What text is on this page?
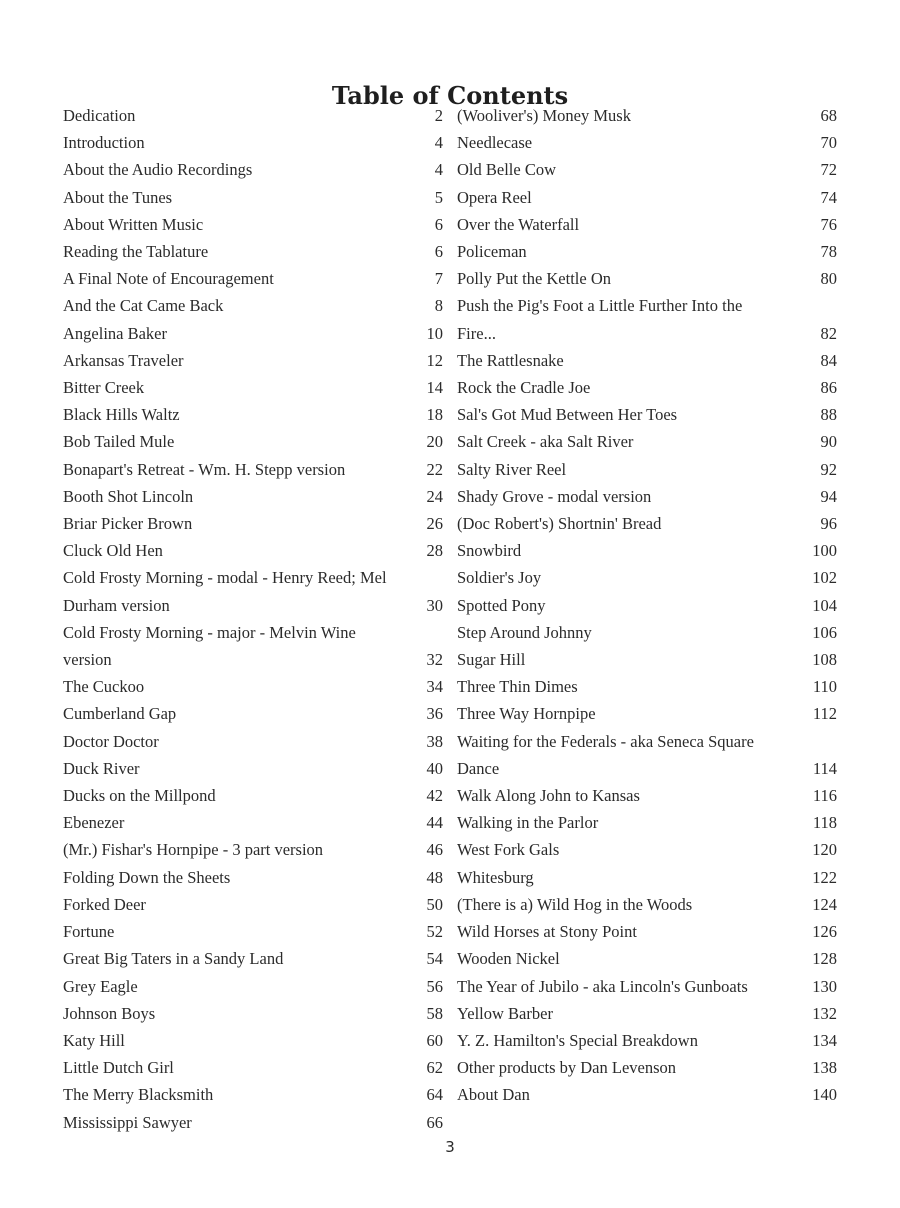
Table of Contents
Dedication .....	2
Introduction .....	4
About the Audio Recordings .....	4
About the Tunes .....	5
About Written Music .....	6
Reading the Tablature .....	6
A Final Note of Encouragement .....	7
And the Cat Came Back .....	8
Angelina Baker .....	10
Arkansas Traveler .....	12
Bitter Creek .....	14
Black Hills Waltz .....	18
Bob Tailed Mule .....	20
Bonapart's Retreat - Wm. H. Stepp version .....	22
Booth Shot Lincoln .....	24
Briar Picker Brown .....	26
Cluck Old Hen .....	28
Cold Frosty Morning - modal - Henry Reed; Mel
Durham version .....	30
Cold Frosty Morning - major - Melvin Wine
version .....	32
The Cuckoo .....	34
Cumberland Gap .....	36
Doctor Doctor .....	38
Duck River .....	40
Ducks on the Millpond .....	42
Ebenezer .....	44
(Mr.) Fishar's Hornpipe - 3 part version .....	46
Folding Down the Sheets .....	48
Forked Deer .....	50
Fortune .....	52
Great Big Taters in a Sandy Land .....	54
Grey Eagle .....	56
Johnson Boys .....	58
Katy Hill .....	60
Little Dutch Girl .....	62
The Merry Blacksmith .....	64
Mississippi Sawyer .....	66
(Wooliver's) Money Musk .....	68
Needlecase .....	70
Old Belle Cow .....	72
Opera Reel .....	74
Over the Waterfall .....	76
Policeman .....	78
Polly Put the Kettle On .....	80
Push the Pig's Foot a Little Further Into the
Fire... .....	82
The Rattlesnake .....	84
Rock the Cradle Joe .....	86
Sal's Got Mud Between Her Toes .....	88
Salt Creek - aka Salt River .....	90
Salty River Reel .....	92
Shady Grove - modal version .....	94
(Doc Robert's) Shortnin' Bread .....	96
Snowbird .....	100
Soldier's Joy .....	102
Spotted Pony .....	104
Step Around Johnny .....	106
Sugar Hill .....	108
Three Thin Dimes .....	110
Three Way Hornpipe .....	112
Waiting for the Federals - aka Seneca Square
Dance .....	114
Walk Along John to Kansas .....	116
Walking in the Parlor .....	118
West Fork Gals .....	120
Whitesburg .....	122
(There is a) Wild Hog in the Woods .....	124
Wild Horses at Stony Point .....	126
Wooden Nickel .....	128
The Year of Jubilo - aka Lincoln's Gunboats .....	130
Yellow Barber .....	132
Y. Z. Hamilton's Special Breakdown .....	134
Other products by Dan Levenson .....	138
About Dan .....	140
3
